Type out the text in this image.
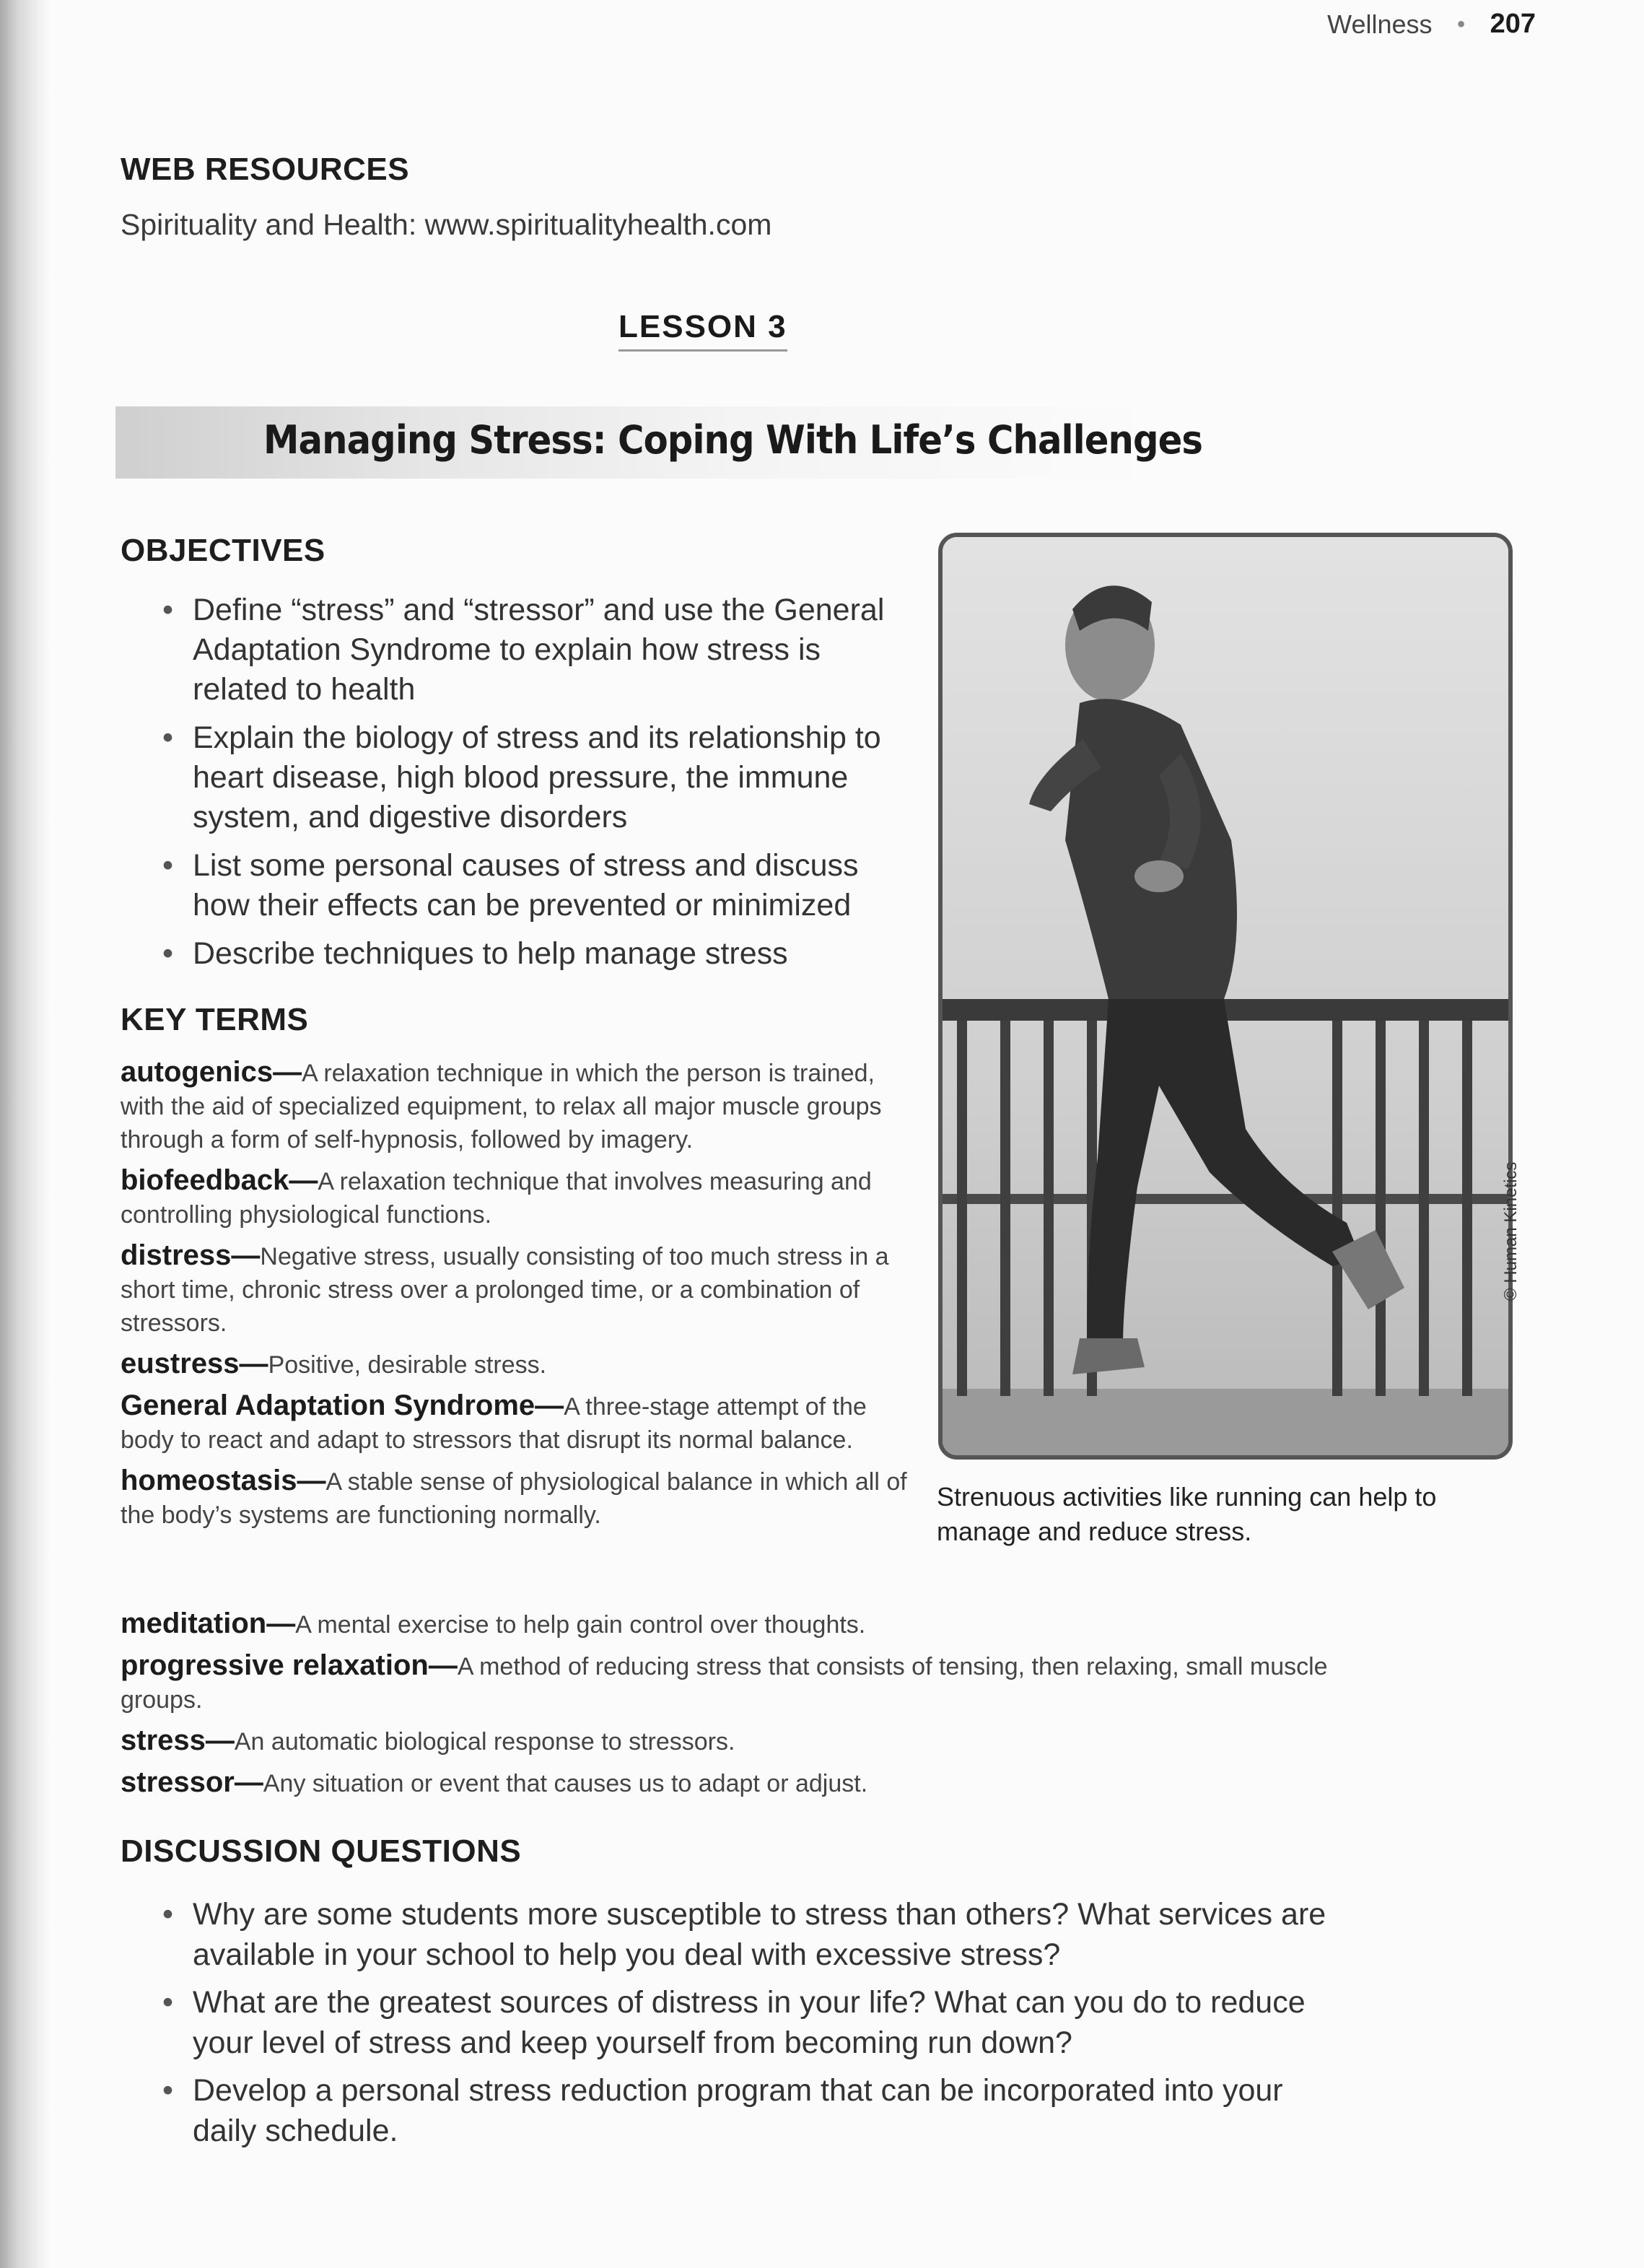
Wellness ● 207
WEB RESOURCES
Spirituality and Health: www.spiritualityhealth.com
LESSON 3
Managing Stress: Coping With Life’s Challenges
OBJECTIVES
• Define “stress” and “stressor” and use the General Adaptation Syndrome to explain how stress is related to health
• Explain the biology of stress and its relationship to heart disease, high blood pressure, the immune system, and digestive disorders
• List some personal causes of stress and discuss how their effects can be prevented or minimized
• Describe techniques to help manage stress
KEY TERMS

autogenics—A relaxation technique in which the person is trained, with the aid of specialized equipment, to relax all major muscle groups through a form of self-hypnosis, followed by imagery.

biofeedback—A relaxation technique that involves measuring and controlling physiological functions.

distress—Negative stress, usually consisting of too much stress in a short time, chronic stress over a prolonged time, or a combination of stressors.

eustress—Positive, desirable stress.

General Adaptation Syndrome—A three-stage attempt of the body to react and adapt to stressors that disrupt its normal balance.

homeostasis—A stable sense of physiological balance in which all of the body’s systems are functioning normally.

meditation—A mental exercise to help gain control over thoughts.

progressive relaxation—A method of reducing stress that consists of tensing, then relaxing, small muscle groups.

stress—An automatic biological response to stressors.

stressor—Any situation or event that causes us to adapt or adjust.

Strenuous activities like running can help to manage and reduce stress.
© Human Kinetics
DISCUSSION QUESTIONS
• Why are some students more susceptible to stress than others? What services are available in your school to help you deal with excessive stress?
• What are the greatest sources of distress in your life? What can you do to reduce your level of stress and keep yourself from becoming run down?
• Develop a personal stress reduction program that can be incorporated into your daily schedule.
